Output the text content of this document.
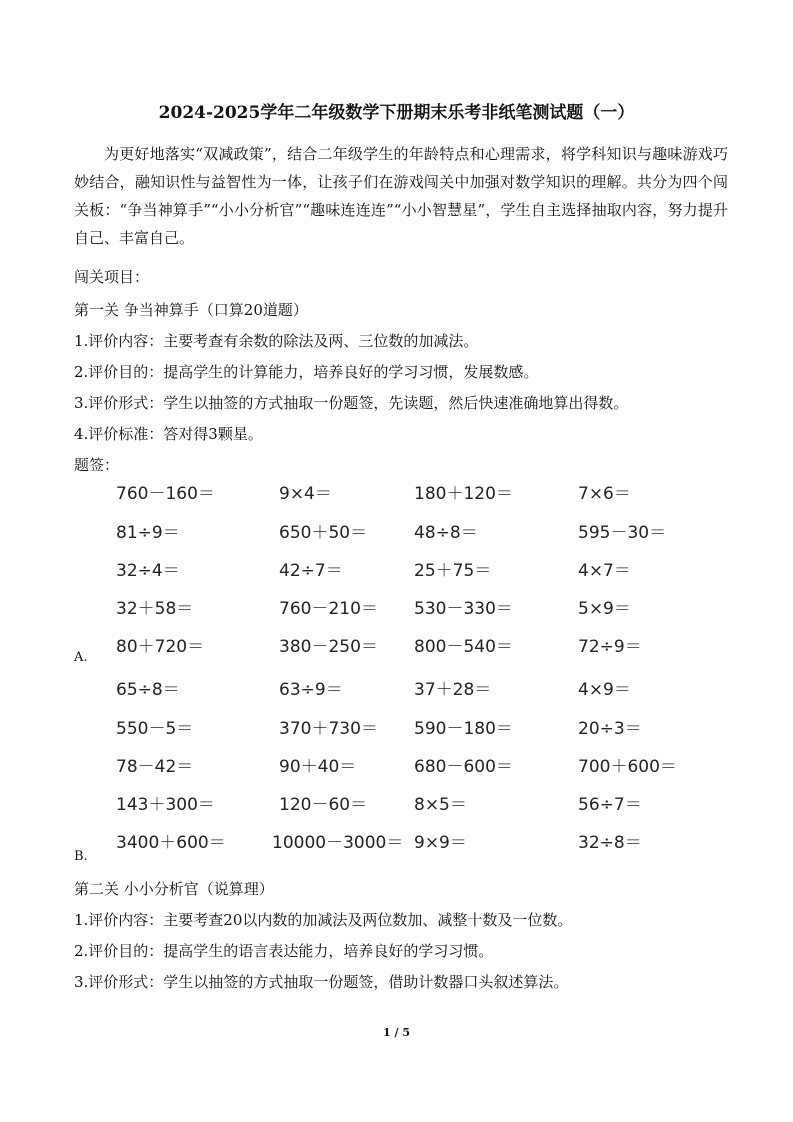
2024-2025学年二年级数学下册期末乐考非纸笔测试题（一）

为更好地落实“双减政策”，结合二年级学生的年龄特点和心理需求，将学科知识与趣味游戏巧妙结合，融知识性与益智性为一体，让孩子们在游戏闯关中加强对数学知识的理解。共分为四个闯关板：“争当神算手”“小小分析官”“趣味连连连”“小小智慧星”，学生自主选择抽取内容，努力提升自己、丰富自己。

闯关项目：

第一关 争当神算手（口算20道题）

1.评价内容：主要考查有余数的除法及两、三位数的加减法。

2.评价目的：提高学生的计算能力，培养良好的学习习惯，发展数感。

3.评价形式：学生以抽签的方式抽取一份题签，先读题，然后快速准确地算出得数。

4.评价标准：答对得3颗星。

题签：

760－160＝	9×4＝	180＋120＝	7×6＝
81÷9＝	650＋50＝	48÷8＝	595－30＝
32÷4＝	42÷7＝	25＋75＝	4×7＝
32＋58＝	760－210＝ 530－330＝	5×9＝
80＋720＝	380－250＝ 800－540＝	72÷9＝
A.
65÷8＝	63÷9＝	37＋28＝	4×9＝
550－5＝	370＋730＝ 590－180＝	20÷3＝
78－42＝	90＋40＝	680－600＝	700＋600＝
143＋300＝	120－60＝	8×5＝	56÷7＝
3400＋600＝	10000－3000＝ 9×9＝	32÷8＝
B.

第二关 小小分析官（说算理）

1.评价内容：主要考查20以内数的加减法及两位数加、减整十数及一位数。

2.评价目的：提高学生的语言表达能力，培养良好的学习习惯。

3.评价形式：学生以抽签的方式抽取一份题签，借助计数器口头叙述算法。

1 / 5
